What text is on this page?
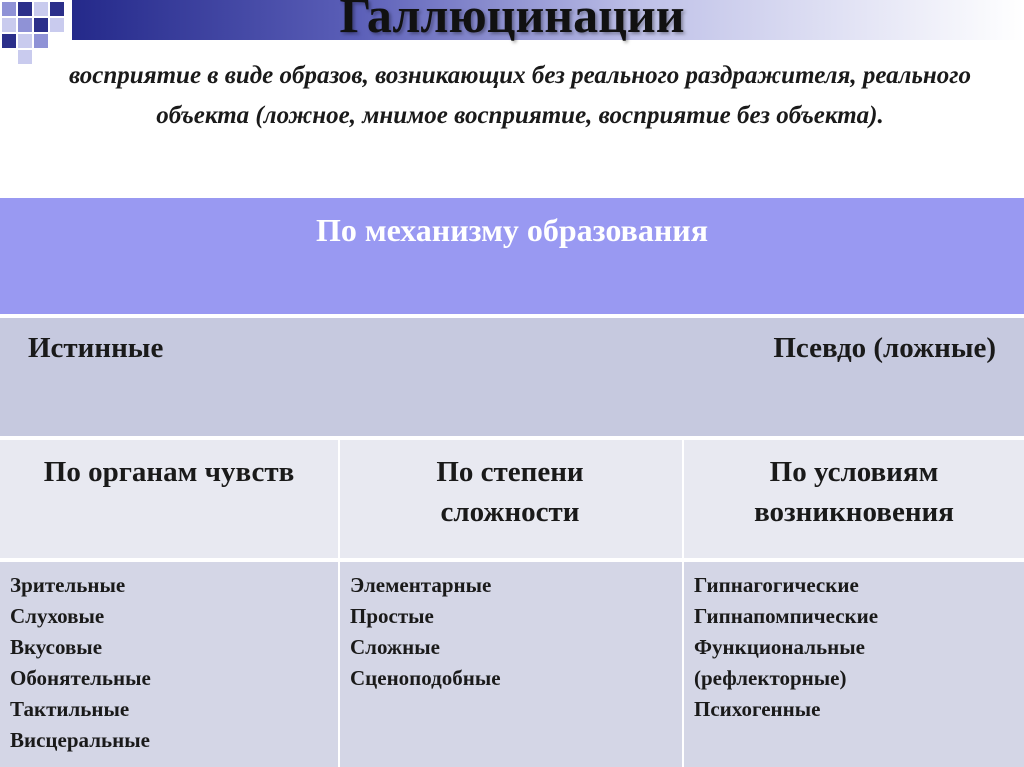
Галлюцинации
восприятие в виде образов, возникающих без реального раздражителя, реального объекта (ложное, мнимое восприятие, восприятие без объекта).
По механизму образования
Истинные	Псевдо (ложные)
По органам чувств	По степени сложности
По условиям возникновения
Зрительные
Слуховые
Вкусовые
Обонятельные
Тактильные
Висцеральные
Элементарные
Простые
Сложные
Сценоподобные
Гипнагогические
Гипнапомпические
Функциональные
(рефлекторные)
Психогенные
